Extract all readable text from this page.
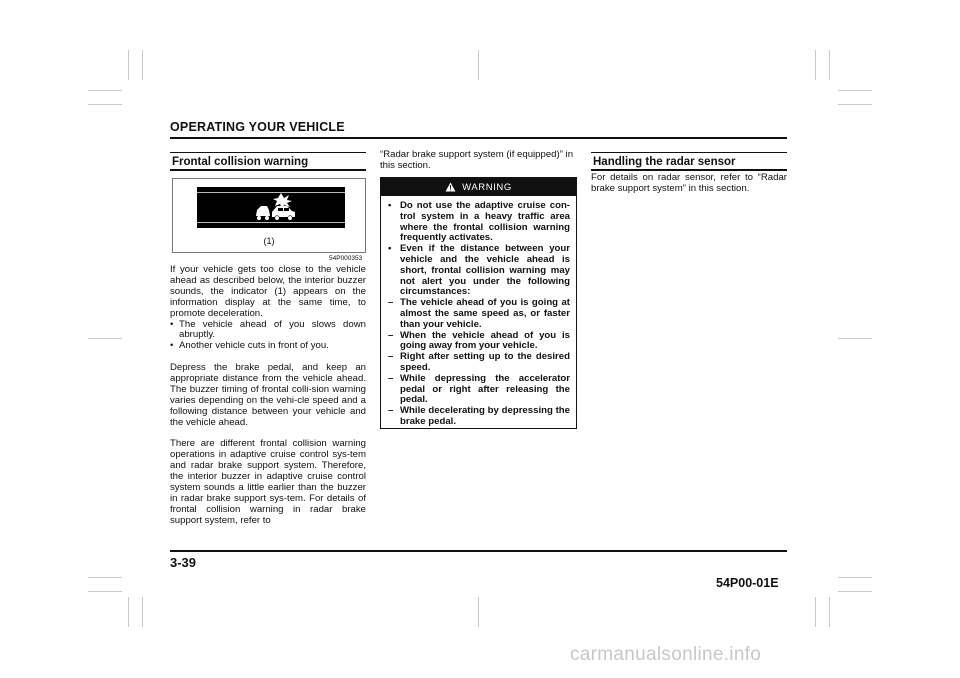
OPERATING YOUR VEHICLE
Frontal collision warning
(1)
54P000353

If your vehicle gets too close to the vehicle ahead as described below, the interior buzzer sounds, the indicator (1) appears on the information display at the same time, to promote deceleration.

• The vehicle ahead of you slows down abruptly.
• Another vehicle cuts in front of you.

Depress the brake pedal, and keep an appropriate distance from the vehicle ahead. The buzzer timing of frontal colli-sion warning varies depending on the vehi-cle speed and a following distance between your vehicle and the vehicle ahead.

There are different frontal collision warning operations in adaptive cruise control sys-tem and radar brake support system. Therefore, the interior buzzer in adaptive cruise control system sounds a little earlier than the buzzer in radar brake support sys-tem. For details of frontal collision warning in radar brake support system, refer to

“Radar brake support system (if equipped)” in this section.
WARNING
• Do not use the adaptive cruise con-trol system in a heavy traffic area where the frontal collision warning frequently activates.
• Even if the distance between your vehicle and the vehicle ahead is short, frontal collision warning may not alert you under the following circumstances:
– The vehicle ahead of you is going at almost the same speed as, or faster than your vehicle.
– When the vehicle ahead of you is going away from your vehicle.
– Right after setting up to the desired speed.
– While depressing the accelerator pedal or right after releasing the pedal.
– While decelerating by depressing the brake pedal.
Handling the radar sensor
For details on radar sensor, refer to “Radar brake support system” in this section.
3-39
54P00-01E
carmanualsonline.info
